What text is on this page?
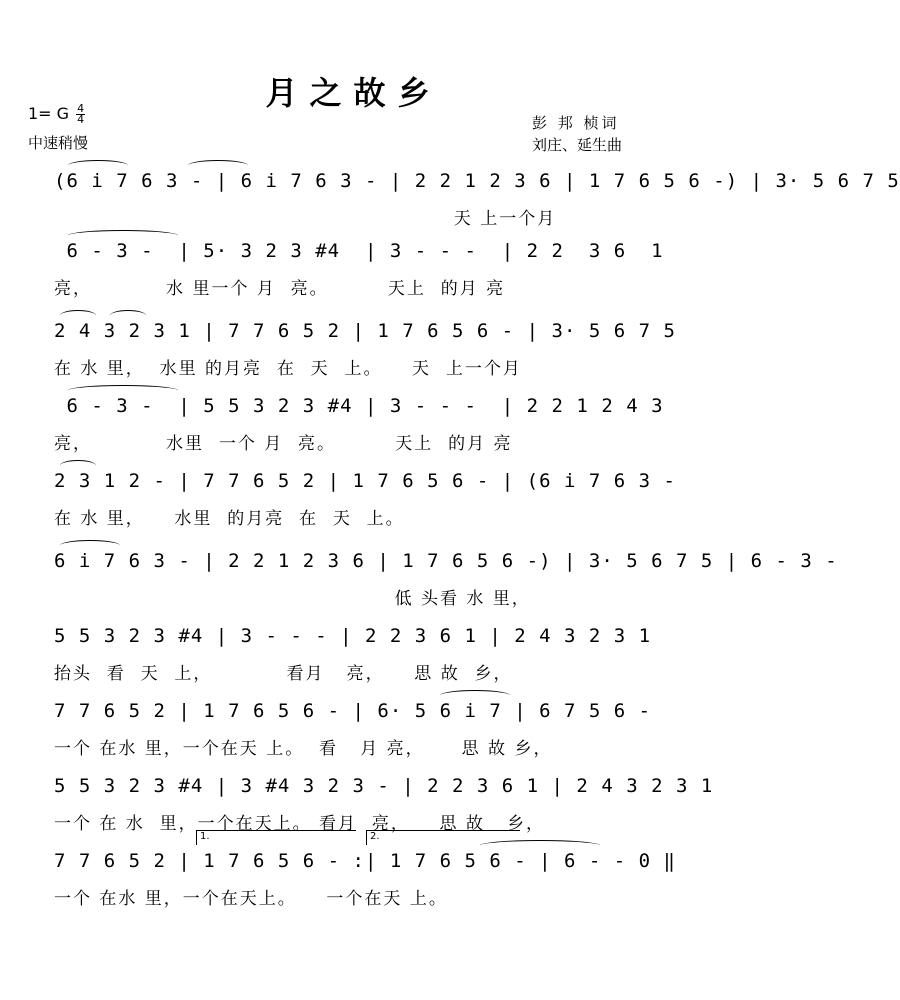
月之故乡
1= G $\frac{4}{4}$
中速稍慢
彭 邦 桢词
刘庄、延生曲
(6 i 7 6 3 - | 6 i 7 6 3 - | 2 2 1 2 3 6 | 1 7 6 5 6 -) | 3· 5 6 7 5
天 上一个月
6 - 3 -  | 5· 3 2 3 #4  | 3 - - -  | 2 2  3 6  1
亮，          水 里一个 月  亮。        天上  的月 亮
2 4 3 2 3 1 | 7 7 6 5 2 | 1 7 6 5 6 - | 3· 5 6 7 5
在 水 里，  水里 的月亮  在  天  上。    天  上一个月
6 - 3 -  | 5 5 3 2 3 #4 | 3 - - -  | 2 2 1 2 4 3
亮，          水里  一个 月  亮。        天上  的月 亮
2 3 1 2 - | 7 7 6 5 2 | 1 7 6 5 6 - | (6 i 7 6 3 -
在 水 里，    水里  的月亮  在  天  上。
6 i 7 6 3 - | 2 2 1 2 3 6 | 1 7 6 5 6 -) | 3· 5 6 7 5 | 6 - 3 -
低 头看 水 里，
5 5 3 2 3 #4 | 3 - - - | 2 2 3 6 1 | 2 4 3 2 3 1
抬头  看  天  上，          看月   亮，    思 故  乡，
7 7 6 5 2 | 1 7 6 5 6 - | 6· 5 6 i 7 | 6 7 5 6 -
一个 在水 里，一个在天 上。  看   月 亮，     思 故 乡，
5 5 3 2 3 #4 | 3 #4 3 2 3 - | 2 2 3 6 1 | 2 4 3 2 3 1
一个 在 水  里，一个在天上。 看月  亮，    思 故   乡，
1.	2.
7 7 6 5 2 | 1 7 6 5 6 - :| 1 7 6 5 6 - | 6 - - 0 ‖
一个 在水 里，一个在天上。    一个在天 上。
